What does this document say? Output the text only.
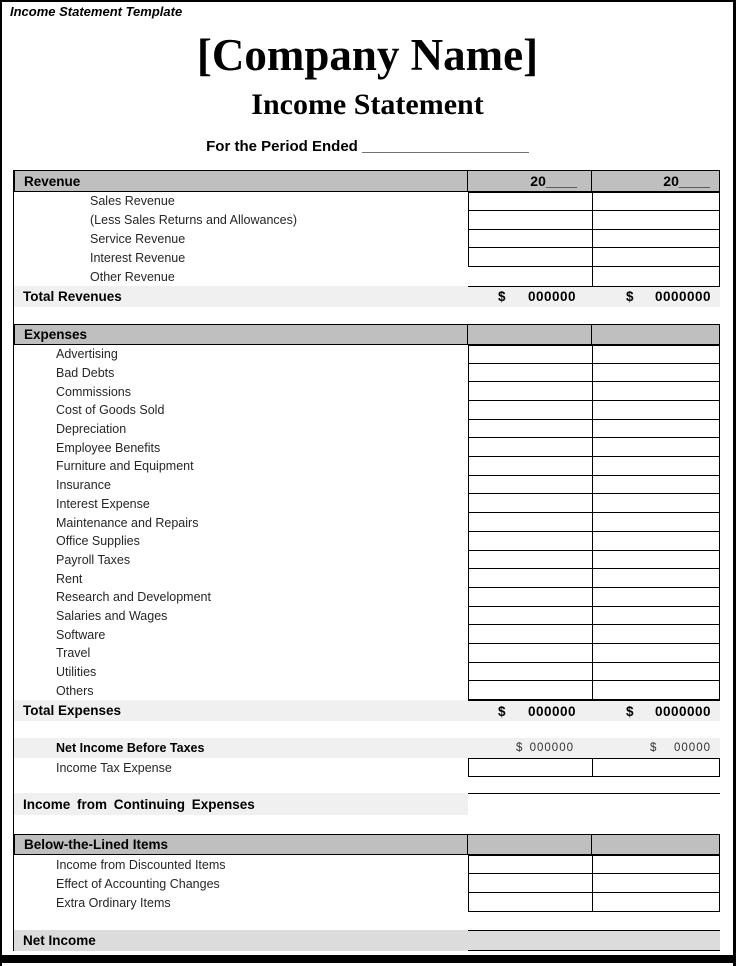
Income Statement Template
[Company Name]
Income Statement
For the Period Ended ____________________
Revenue	20____	20____
Sales Revenue
(Less Sales Returns and Allowances)
Service Revenue
Interest Revenue
Other Revenue
Total Revenues	$ 000000	$ 0000000
Expenses
Advertising
Bad Debts
Commissions
Cost of Goods Sold
Depreciation
Employee Benefits
Furniture and Equipment
Insurance
Interest Expense
Maintenance and Repairs
Office Supplies
Payroll Taxes
Rent
Research and Development
Salaries and Wages
Software
Travel
Utilities
Others
Total Expenses	$ 000000	$ 0000000
Net Income Before Taxes	$ 000000	$ 00000
Income Tax Expense
Income from Continuing Expenses
Below-the-Lined Items
Income from Discounted Items
Effect of Accounting Changes
Extra Ordinary Items
Net Income
